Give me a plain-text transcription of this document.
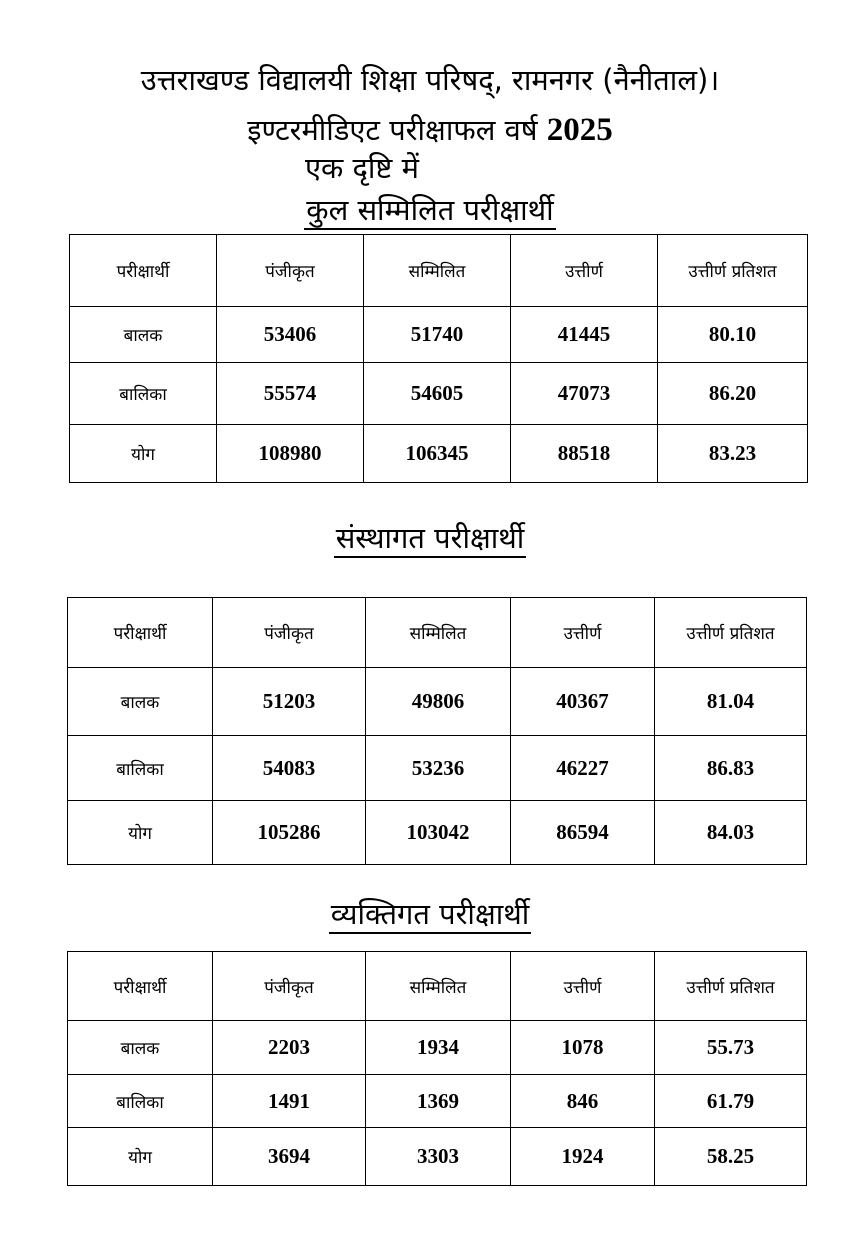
उत्तराखण्ड विद्यालयी शिक्षा परिषद्, रामनगर (नैनीताल)।
इण्टरमीडिएट परीक्षाफल वर्ष 2025
एक दृष्टि में
कुल सम्मिलित परीक्षार्थी
परीक्षार्थी	पंजीकृत	सम्मिलित	उत्तीर्ण	उत्तीर्ण प्रतिशत
बालक	53406	51740	41445	80.10
बालिका	55574	54605	47073	86.20
योग	108980	106345	88518	83.23
संस्थागत परीक्षार्थी
परीक्षार्थी	पंजीकृत	सम्मिलित	उत्तीर्ण	उत्तीर्ण प्रतिशत
बालक	51203	49806	40367	81.04
बालिका	54083	53236	46227	86.83
योग	105286	103042	86594	84.03
व्यक्तिगत परीक्षार्थी
परीक्षार्थी	पंजीकृत	सम्मिलित	उत्तीर्ण	उत्तीर्ण प्रतिशत
बालक	2203	1934	1078	55.73
बालिका	1491	1369	846	61.79
योग	3694	3303	1924	58.25
